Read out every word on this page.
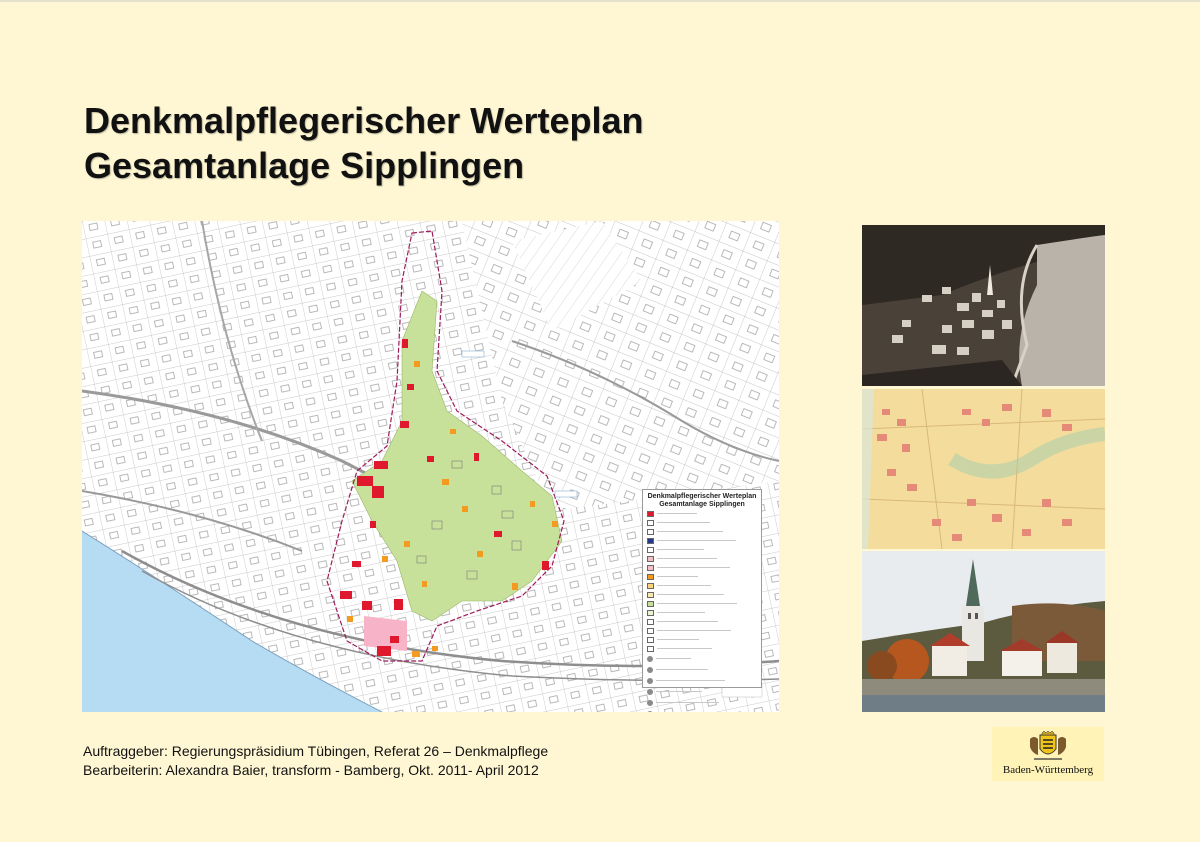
Denkmalpflegerischer Werteplan
Gesamtanlage Sipplingen
Denkmalpflegerischer Werteplan
Gesamtanlage Sipplingen
Auftraggeber: Regierungspräsidium Tübingen, Referat 26 – Denkmalpflege
Bearbeiterin: Alexandra Baier, transform - Bamberg, Okt. 2011- April 2012	Baden-Württemberg
